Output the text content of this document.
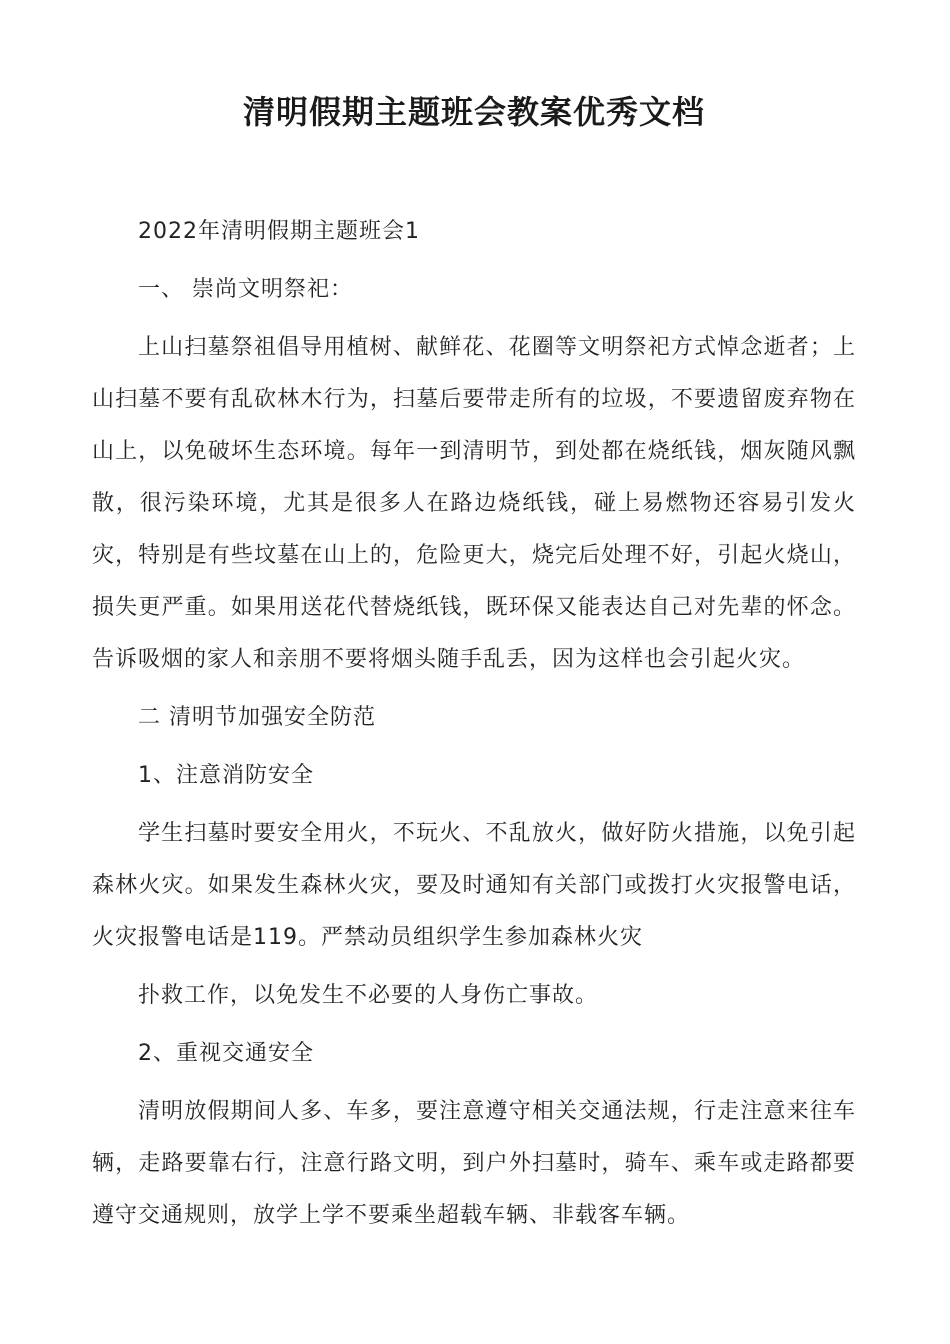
清明假期主题班会教案优秀文档

2022年清明假期主题班会1

一、 崇尚文明祭祀：

上山扫墓祭祖倡导用植树、献鲜花、花圈等文明祭祀方式悼念逝者；上山扫墓不要有乱砍林木行为，扫墓后要带走所有的垃圾，不要遗留废弃物在山上，以免破坏生态环境。每年一到清明节，到处都在烧纸钱，烟灰随风飘散，很污染环境，尤其是很多人在路边烧纸钱，碰上易燃物还容易引发火灾，特别是有些坟墓在山上的，危险更大，烧完后处理不好，引起火烧山，损失更严重。如果用送花代替烧纸钱，既环保又能表达自己对先辈的怀念。告诉吸烟的家人和亲朋不要将烟头随手乱丢，因为这样也会引起火灾。

二 清明节加强安全防范

1、注意消防安全

学生扫墓时要安全用火，不玩火、不乱放火，做好防火措施，以免引起森林火灾。如果发生森林火灾，要及时通知有关部门或拨打火灾报警电话，火灾报警电话是119。严禁动员组织学生参加森林火灾

扑救工作，以免发生不必要的人身伤亡事故。

2、重视交通安全

清明放假期间人多、车多，要注意遵守相关交通法规，行走注意来往车辆，走路要靠右行，注意行路文明，到户外扫墓时，骑车、乘车或走路都要遵守交通规则，放学上学不要乘坐超载车辆、非载客车辆。
